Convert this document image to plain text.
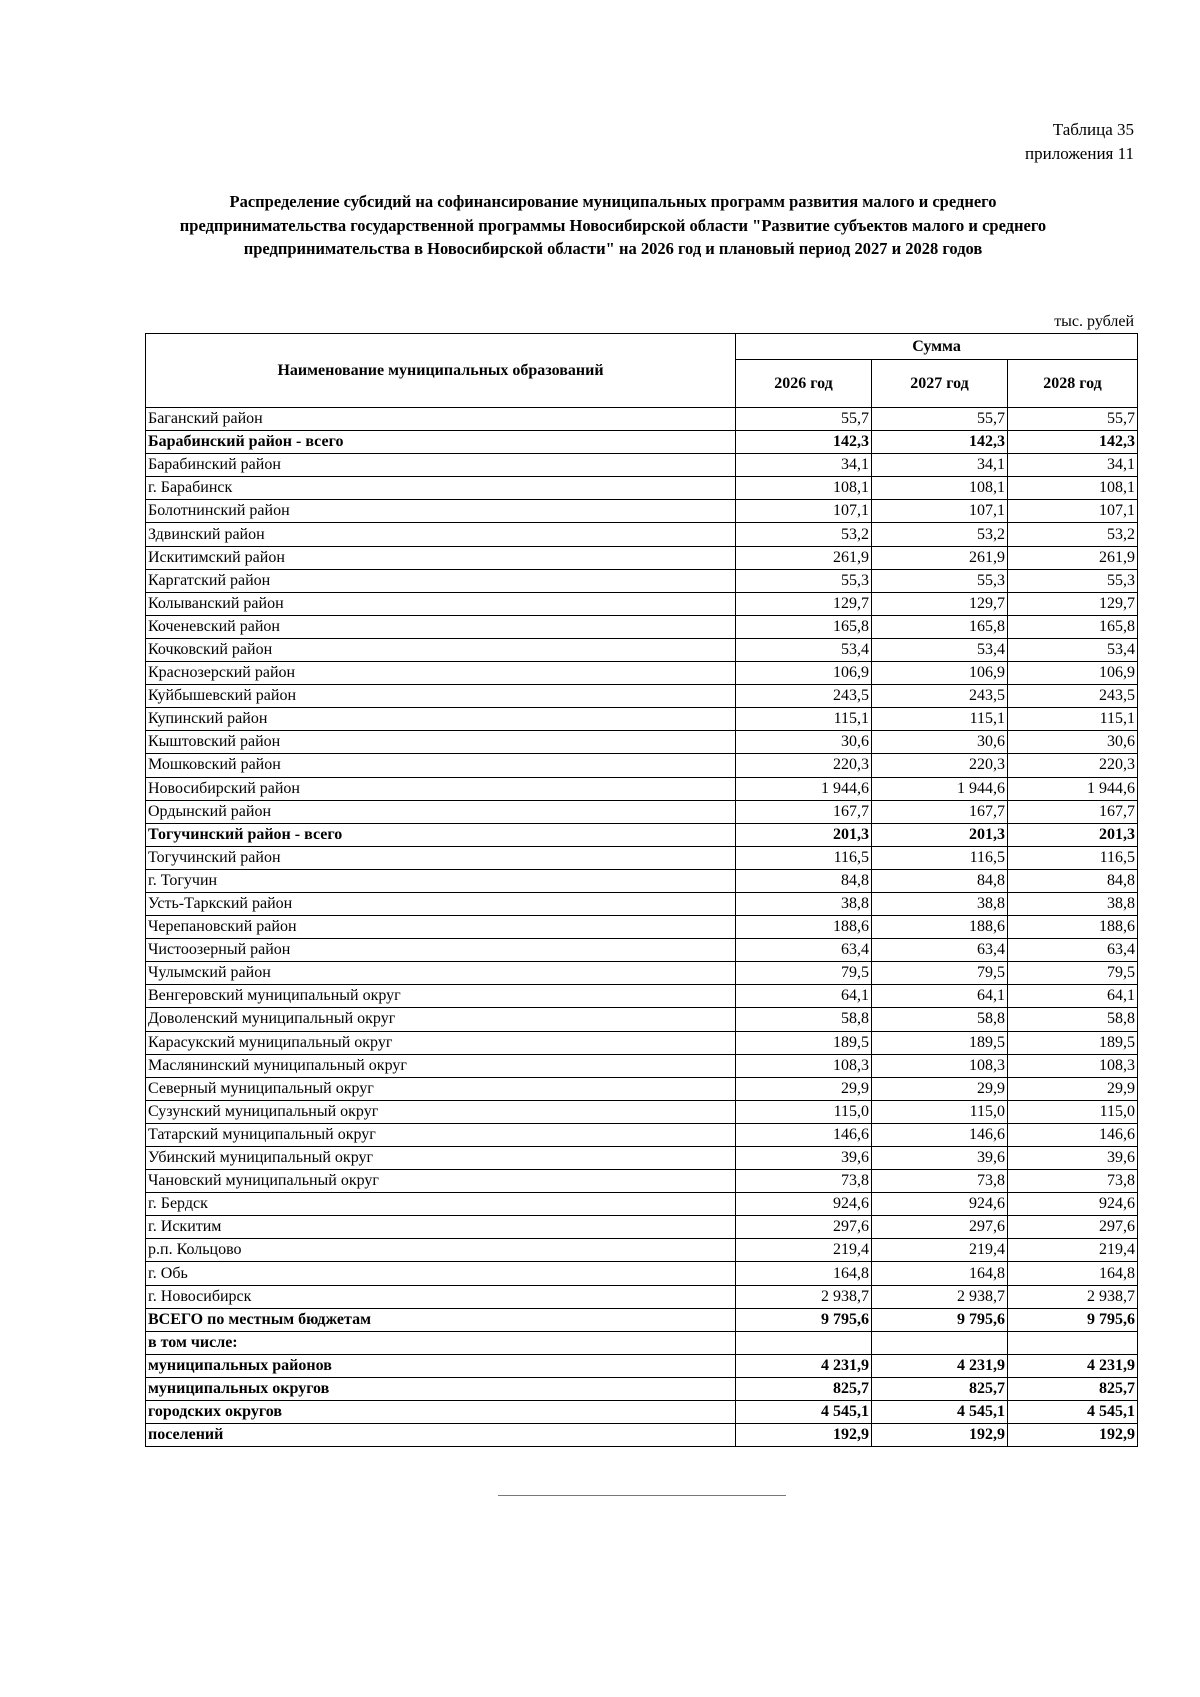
Таблица 35
приложения 11
Распределение субсидий на софинансирование муниципальных программ развития малого и среднего
предпринимательства государственной программы Новосибирской области "Развитие субъектов малого и среднего
предпринимательства в Новосибирской области" на 2026 год и плановый период 2027 и 2028 годов
тыс. рублей
Наименование муниципальных образований	Сумма		
	2026 год	2027 год	2028 год
Баганский район	55,7	55,7	55,7
Барабинский район - всего	142,3	142,3	142,3
Барабинский район	34,1	34,1	34,1
г. Барабинск	108,1	108,1	108,1
Болотнинский район	107,1	107,1	107,1
Здвинский район	53,2	53,2	53,2
Искитимский район	261,9	261,9	261,9
Каргатский район	55,3	55,3	55,3
Колыванский район	129,7	129,7	129,7
Коченевский район	165,8	165,8	165,8
Кочковский район	53,4	53,4	53,4
Краснозерский район	106,9	106,9	106,9
Куйбышевский район	243,5	243,5	243,5
Купинский район	115,1	115,1	115,1
Кыштовский район	30,6	30,6	30,6
Мошковский район	220,3	220,3	220,3
Новосибирский район	1 944,6	1 944,6	1 944,6
Ордынский район	167,7	167,7	167,7
Тогучинский район - всего	201,3	201,3	201,3
Тогучинский район	116,5	116,5	116,5
г. Тогучин	84,8	84,8	84,8
Усть-Таркский район	38,8	38,8	38,8
Черепановский район	188,6	188,6	188,6
Чистоозерный район	63,4	63,4	63,4
Чулымский район	79,5	79,5	79,5
Венгеровский муниципальный округ	64,1	64,1	64,1
Доволенский муниципальный округ	58,8	58,8	58,8
Карасукский муниципальный округ	189,5	189,5	189,5
Маслянинский муниципальный округ	108,3	108,3	108,3
Северный муниципальный округ	29,9	29,9	29,9
Сузунский муниципальный округ	115,0	115,0	115,0
Татарский муниципальный округ	146,6	146,6	146,6
Убинский муниципальный округ	39,6	39,6	39,6
Чановский муниципальный округ	73,8	73,8	73,8
г. Бердск	924,6	924,6	924,6
г. Искитим	297,6	297,6	297,6
р.п. Кольцово	219,4	219,4	219,4
г. Обь	164,8	164,8	164,8
г. Новосибирск	2 938,7	2 938,7	2 938,7
ВСЕГО по местным бюджетам	9 795,6	9 795,6	9 795,6
в том числе:			
муниципальных районов	4 231,9	4 231,9	4 231,9
муниципальных округов	825,7	825,7	825,7
городских округов	4 545,1	4 545,1	4 545,1
поселений	192,9	192,9	192,9
